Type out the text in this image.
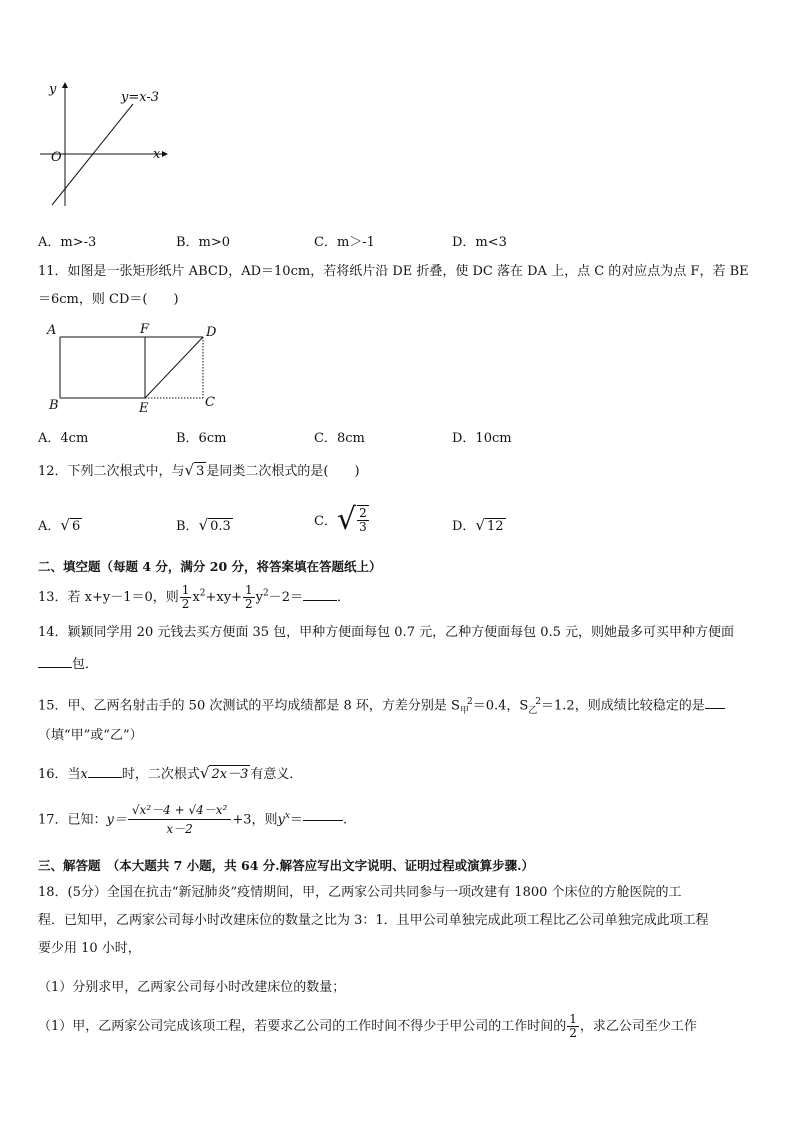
y
x
O
y=x-3
A．m>-3	B．m>0	C．m＞-1	D．m<3
11．如图是一张矩形纸片 ABCD，AD＝10cm，若将纸片沿 DE 折叠，使 DC 落在 DA 上，点 C 的对应点为点 F，若 BE
＝6cm，则 CD＝(　　)
A	F	D
B	E	C
A．4cm	B．6cm	C．8cm	D．10cm
12．下列二次根式中，与√ 3 是同类二次根式的是(　　)
A．√ 6	B．√ 0.3	C．√ $\frac{2}{3}$	D．√ 12
二、填空题（每题 4 分，满分 20 分，将答案填在答题纸上）
13．若 x+y－1＝0，则 $\frac{1}{2} x^2+xy+ \frac{1}{2} y^2-2=$	．
14．颖颖同学用 20 元钱去买方便面 35 包，甲种方便面每包 0.7 元，乙种方便面每包 0.5 元，则她最多可买甲种方便面
包．
15．甲、乙两名射击手的 50 次测试的平均成绩都是 8 环，方差分别是 $S_甲^2=0.4$，$S_乙^2=1.2$，则成绩比较稳定的是
（填“甲”或“乙”）
16．当x	时，二次根式√ 2x－3 有意义．
17．已知：$y= \frac{\text{√x²－4 + √4－x²}}{x-2} +3$，则$y^x=$	.
三、解答题　（本大题共 7 小题，共 64 分.解答应写出文字说明、证明过程或演算步骤.）
18．(5分）全国在抗击“新冠肺炎”疫情期间，甲，乙两家公司共同参与一项改建有 1800 个床位的方舱医院的工
程．已知甲，乙两家公司每小时改建床位的数量之比为 3：1．且甲公司单独完成此项工程比乙公司单独完成此项工程
要少用 10 小时，
（1）分别求甲，乙两家公司每小时改建床位的数量；
（1）甲，乙两家公司完成该项工程，若要求乙公司的工作时间不得少于甲公司的工作时间的 $\frac{1}{2}$ ，求乙公司至少工作
